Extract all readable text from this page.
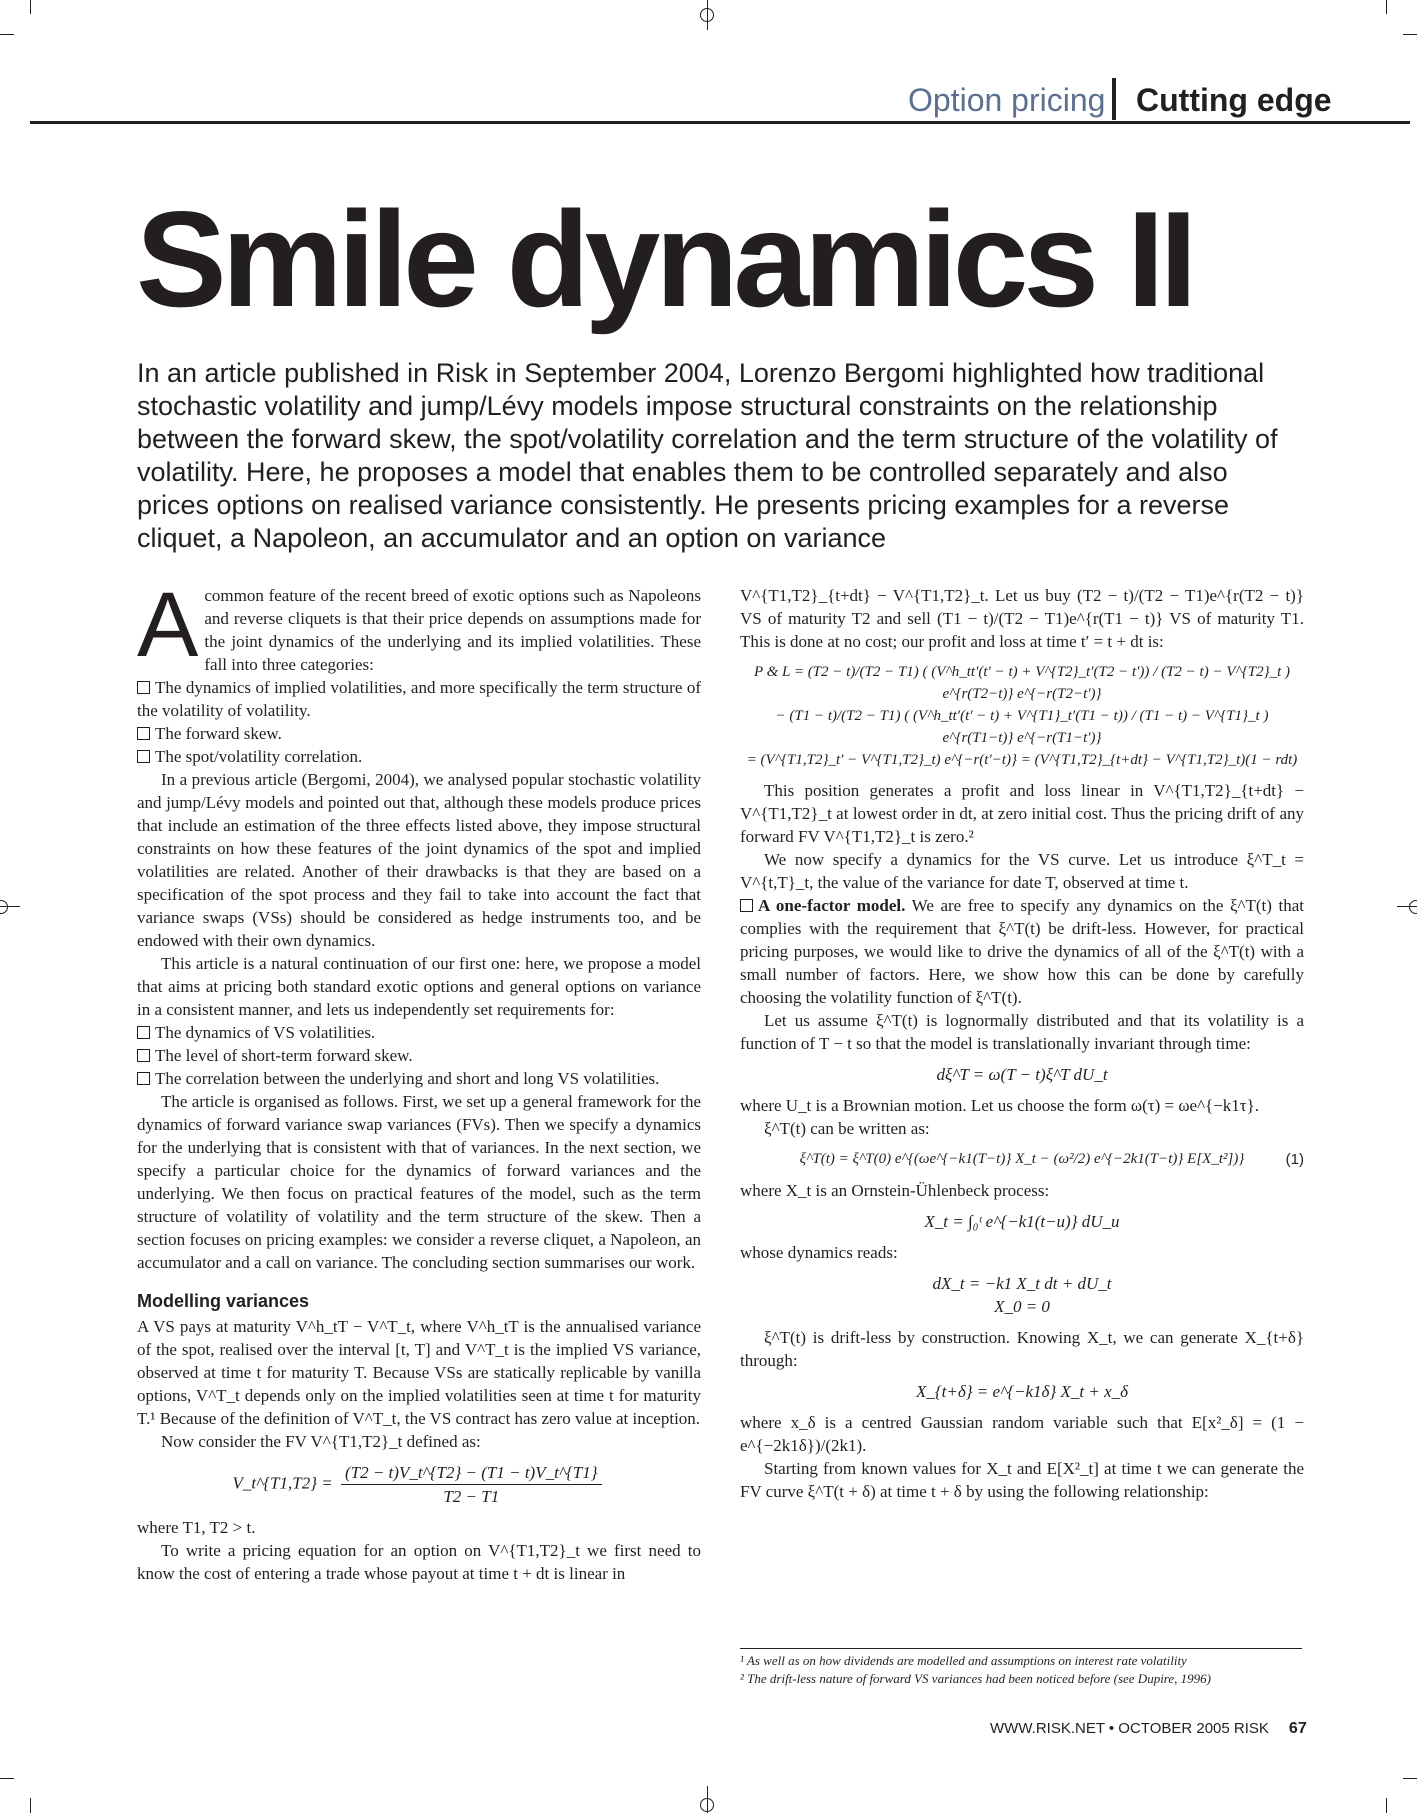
Option pricing Cutting edge
Smile dynamics II
In an article published in Risk in September 2004, Lorenzo Bergomi highlighted how traditional stochastic volatility and jump/Lévy models impose structural constraints on the relationship between the forward skew, the spot/volatility correlation and the term structure of the volatility of volatility. Here, he proposes a model that enables them to be controlled separately and also prices options on realised variance consistently. He presents pricing examples for a reverse cliquet, a Napoleon, an accumulator and an option on variance

Acommon feature of the recent breed of exotic options such as Napoleons and reverse cliquets is that their price depends on assumptions made for the joint dynamics of the underlying and its implied volatilities. These fall into three categories:

The dynamics of implied volatilities, and more specifically the term structure of the volatility of volatility.

The forward skew.

The spot/volatility correlation.

In a previous article (Bergomi, 2004), we analysed popular stochastic volatility and jump/Lévy models and pointed out that, although these models produce prices that include an estimation of the three effects listed above, they impose structural constraints on how these features of the joint dynamics of the spot and implied volatilities are related. Another of their drawbacks is that they are based on a specification of the spot process and they fail to take into account the fact that variance swaps (VSs) should be considered as hedge instruments too, and be endowed with their own dynamics.

This article is a natural continuation of our first one: here, we propose a model that aims at pricing both standard exotic options and general options on variance in a consistent manner, and lets us independently set requirements for:

The dynamics of VS volatilities.

The level of short-term forward skew.

The correlation between the underlying and short and long VS volatilities.

The article is organised as follows. First, we set up a general framework for the dynamics of forward variance swap variances (FVs). Then we specify a dynamics for the underlying that is consistent with that of variances. In the next section, we specify a particular choice for the dynamics of forward variances and the underlying. We then focus on practical features of the model, such as the term structure of volatility of volatility and the term structure of the skew. Then a section focuses on pricing examples: we consider a reverse cliquet, a Napoleon, an accumulator and a call on variance. The concluding section summarises our work.

Modelling variances

A VS pays at maturity V^h_tT − V^T_t, where V^h_tT is the annualised variance of the spot, realised over the interval [t, T] and V^T_t is the implied VS variance, observed at time t for maturity T. Because VSs are statically replicable by vanilla options, V^T_t depends only on the implied volatilities seen at time t for maturity T.¹ Because of the definition of V^T_t, the VS contract has zero value at inception.

Now consider the FV V^{T1,T2}_t defined as:

V_t^{T1,T2} = $\frac{(T2 - t)V\_t\^{}\{T2\} - (T1 - t)V\_t\^{}\{T1\}}{T2 - T1}$

where T1, T2 > t.

To write a pricing equation for an option on V^{T1,T2}_t we first need to know the cost of entering a trade whose payout at time t + dt is linear in

V^{T1,T2}_{t+dt} − V^{T1,T2}_t. Let us buy (T2 − t)/(T2 − T1)e^{r(T2 − t)} VS of maturity T2 and sell (T1 − t)/(T2 − T1)e^{r(T1 − t)} VS of maturity T1. This is done at no cost; our profit and loss at time t′ = t + dt is:

P & L = (T2 − t)/(T2 − T1) ( (V^h_tt′(t′ − t) + V^{T2}_t′(T2 − t′)) / (T2 − t) − V^{T2}_t ) e^{r(T2−t)} e^{−r(T2−t′)}
− (T1 − t)/(T2 − T1) ( (V^h_tt′(t′ − t) + V^{T1}_t′(T1 − t)) / (T1 − t) − V^{T1}_t ) e^{r(T1−t)} e^{−r(T1−t′)}
= (V^{T1,T2}_t′ − V^{T1,T2}_t) e^{−r(t′−t)} = (V^{T1,T2}_{t+dt} − V^{T1,T2}_t)(1 − rdt)

This position generates a profit and loss linear in V^{T1,T2}_{t+dt} − V^{T1,T2}_t at lowest order in dt, at zero initial cost. Thus the pricing drift of any forward FV V^{T1,T2}_t is zero.²

We now specify a dynamics for the VS curve. Let us introduce ξ^T_t = V^{t,T}_t, the value of the variance for date T, observed at time t.

A one-factor model. We are free to specify any dynamics on the ξ^T(t) that complies with the requirement that ξ^T(t) be drift-less. However, for practical pricing purposes, we would like to drive the dynamics of all of the ξ^T(t) with a small number of factors. Here, we show how this can be done by carefully choosing the volatility function of ξ^T(t).

Let us assume ξ^T(t) is lognormally distributed and that its volatility is a function of T − t so that the model is translationally invariant through time:

dξ^T = ω(T − t)ξ^T dU_t

where U_t is a Brownian motion. Let us choose the form ω(τ) = ωe^{−k1τ}.

ξ^T(t) can be written as:

ξ^T(t) = ξ^T(0) e^{(ωe^{−k1(T−t)} X_t − (ω²/2) e^{−2k1(T−t)} E[X_t²])}	(1)

where X_t is an Ornstein-Ühlenbeck process:

X_t = ∫₀ᵗ e^{−k1(t−u)} dU_u

whose dynamics reads:

dX_t = −k1 X_t dt + dU_t
X_0 = 0

ξ^T(t) is drift-less by construction. Knowing X_t, we can generate X_{t+δ} through:

X_{t+δ} = e^{−k1δ} X_t + x_δ

where x_δ is a centred Gaussian random variable such that E[x²_δ] = (1 − e^{−2k1δ})/(2k1).

Starting from known values for X_t and E[X²_t] at time t we can generate the FV curve ξ^T(t + δ) at time t + δ by using the following relationship:

¹ As well as on how dividends are modelled and assumptions on interest rate volatility
² The drift-less nature of forward VS variances had been noticed before (see Dupire, 1996)
WWW.RISK.NET • OCTOBER 2005 RISK 67
